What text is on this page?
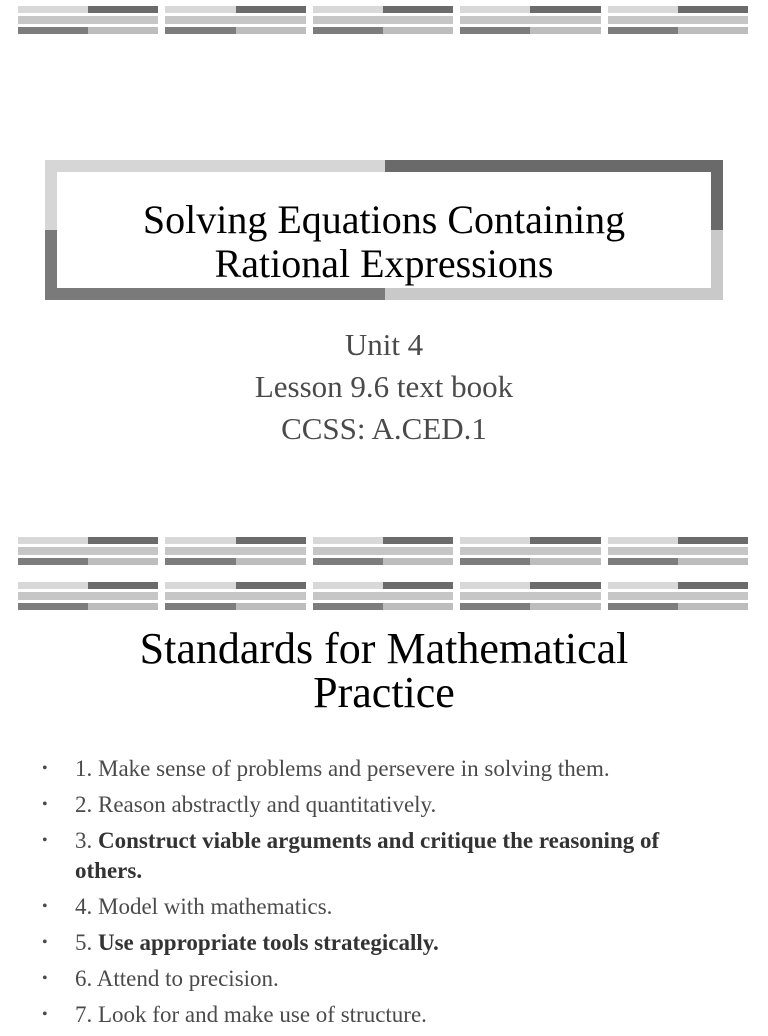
Solving Equations Containing
Rational Expressions
Unit 4
Lesson 9.6 text book
CCSS: A.CED.1
Standards for Mathematical
Practice
• 1. Make sense of problems and persevere in solving them.
• 2. Reason abstractly and quantitatively.
• 3. Construct viable arguments and critique the reasoning of others.
• 4. Model with mathematics.
• 5. Use appropriate tools strategically.
• 6. Attend to precision.
• 7. Look for and make use of structure.
